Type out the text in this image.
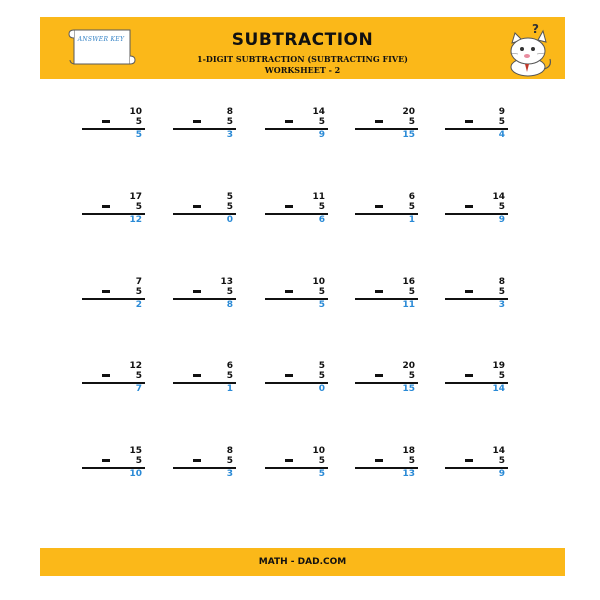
ANSWER KEY	SUBTRACTION
1-DIGIT SUBTRACTION (SUBTRACTING FIVE)
WORKSHEET - 2
?
10
5
5
8
5
3
14
5
9
20
5
15
9
5
4
17
5
12
5
5
0
11
5
6
6
5
1
14
5
9
7
5
2
13
5
8
10
5
5
16
5
11
8
5
3
12
5
7
6
5
1
5
5
0
20
5
15
19
5
14
15
5
10
8
5
3
10
5
5
18
5
13
14
5
9
MATH - DAD.COM
